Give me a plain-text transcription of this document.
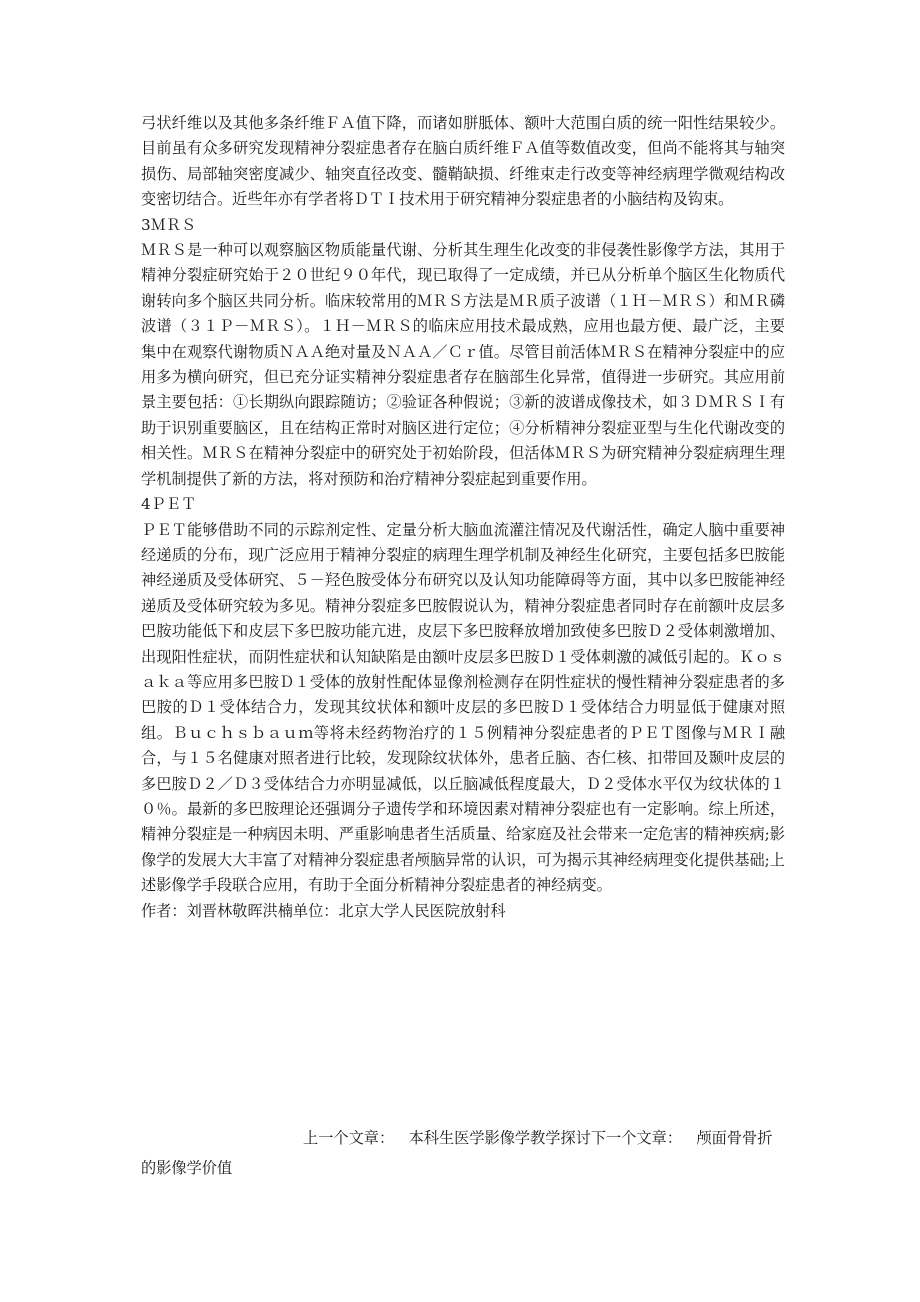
弓状纤维以及其他多条纤维ＦＡ值下降，而诸如胼胝体、额叶大范围白质的统一阳性结果较少。目前虽有众多研究发现精神分裂症患者存在脑白质纤维ＦＡ值等数值改变，但尚不能将其与轴突损伤、局部轴突密度减少、轴突直径改变、髓鞘缺损、纤维束走行改变等神经病理学微观结构改变密切结合。近些年亦有学者将ＤＴＩ技术用于研究精神分裂症患者的小脑结构及钩束。

3ＭＲＳ

ＭＲＳ是一种可以观察脑区物质能量代谢、分析其生理生化改变的非侵袭性影像学方法，其用于精神分裂症研究始于２０世纪９０年代，现已取得了一定成绩，并已从分析单个脑区生化物质代谢转向多个脑区共同分析。临床较常用的ＭＲＳ方法是ＭＲ质子波谱（１Ｈ－ＭＲＳ）和ＭＲ磷波谱（３１Ｐ－ＭＲＳ）。１Ｈ－ＭＲＳ的临床应用技术最成熟，应用也最方便、最广泛，主要集中在观察代谢物质ＮＡＡ绝对量及ＮＡＡ／Ｃｒ值。尽管目前活体ＭＲＳ在精神分裂症中的应用多为横向研究，但已充分证实精神分裂症患者存在脑部生化异常，值得进一步研究。其应用前景主要包括：①长期纵向跟踪随访；②验证各种假说；③新的波谱成像技术，如３ＤＭＲＳＩ有助于识别重要脑区，且在结构正常时对脑区进行定位；④分析精神分裂症亚型与生化代谢改变的相关性。ＭＲＳ在精神分裂症中的研究处于初始阶段，但活体ＭＲＳ为研究精神分裂症病理生理学机制提供了新的方法，将对预防和治疗精神分裂症起到重要作用。

4ＰＥＴ

ＰＥＴ能够借助不同的示踪剂定性、定量分析大脑血流灌注情况及代谢活性，确定人脑中重要神经递质的分布，现广泛应用于精神分裂症的病理生理学机制及神经生化研究，主要包括多巴胺能神经递质及受体研究、５－羟色胺受体分布研究以及认知功能障碍等方面，其中以多巴胺能神经递质及受体研究较为多见。精神分裂症多巴胺假说认为，精神分裂症患者同时存在前额叶皮层多巴胺功能低下和皮层下多巴胺功能亢进，皮层下多巴胺释放增加致使多巴胺Ｄ２受体刺激增加、出现阳性症状，而阴性症状和认知缺陷是由额叶皮层多巴胺Ｄ１受体刺激的减低引起的。Ｋｏｓａｋａ等应用多巴胺Ｄ１受体的放射性配体显像剂检测存在阴性症状的慢性精神分裂症患者的多巴胺的Ｄ１受体结合力，发现其纹状体和额叶皮层的多巴胺Ｄ１受体结合力明显低于健康对照组。Ｂｕｃｈｓｂａｕｍ等将未经药物治疗的１５例精神分裂症患者的ＰＥＴ图像与ＭＲＩ融合，与１５名健康对照者进行比较，发现除纹状体外，患者丘脑、杏仁核、扣带回及颞叶皮层的多巴胺Ｄ２／Ｄ３受体结合力亦明显减低，以丘脑减低程度最大，Ｄ２受体水平仅为纹状体的１０％。最新的多巴胺理论还强调分子遗传学和环境因素对精神分裂症也有一定影响。综上所述，精神分裂症是一种病因未明、严重影响患者生活质量、给家庭及社会带来一定危害的精神疾病;影像学的发展大大丰富了对精神分裂症患者颅脑异常的认识，可为揭示其神经病理变化提供基础;上述影像学手段联合应用，有助于全面分析精神分裂症患者的神经病变。

作者：刘晋林敬晖洪楠单位：北京大学人民医院放射科

上一个文章： 本科生医学影像学教学探讨下一个文章： 颅面骨骨折
的影像学价值
